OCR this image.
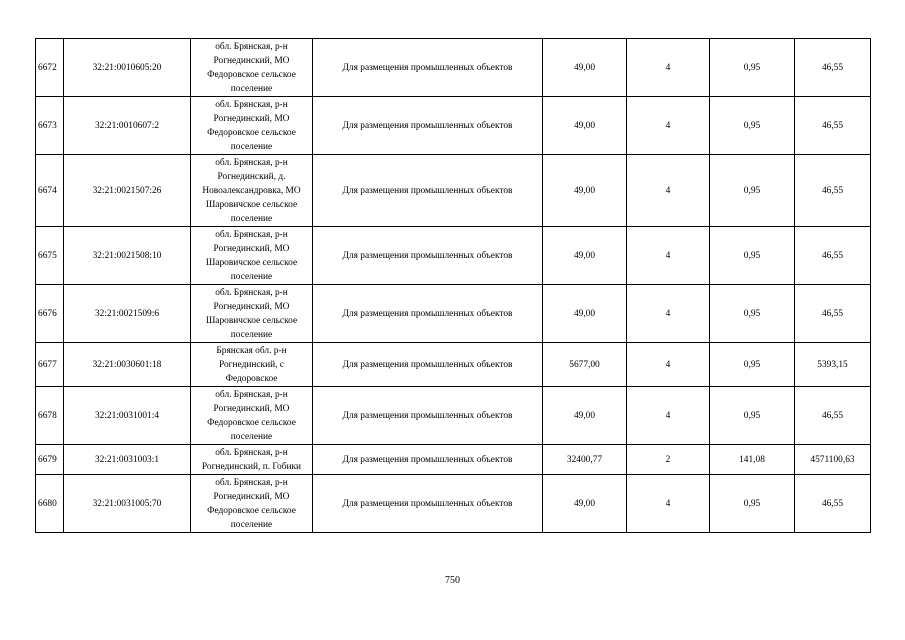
6672	32:21:0010605:20	обл. Брянская, р-н Рогнединский, МО Федоровское сельское поселение	Для размещения промышленных объектов	49,00	4	0,95	46,55
6673	32:21:0010607:2	обл. Брянская, р-н Рогнединский, МО Федоровское сельское поселение	Для размещения промышленных объектов	49,00	4	0,95	46,55
6674	32:21:0021507:26	обл. Брянская, р-н Рогнединский, д. Новоалександровка, МО Шаровичское сельское поселение	Для размещения промышленных объектов	49,00	4	0,95	46,55
6675	32:21:0021508:10	обл. Брянская, р-н Рогнединский, МО Шаровичское сельское поселение	Для размещения промышленных объектов	49,00	4	0,95	46,55
6676	32:21:0021509:6	обл. Брянская, р-н Рогнединский, МО Шаровичское сельское поселение	Для размещения промышленных объектов	49,00	4	0,95	46,55
6677	32:21:0030601:18	Брянская обл. р-н Рогнединский, с Федоровское	Для размещения промышленных объектов	5677,00	4	0,95	5393,15
6678	32:21:0031001:4	обл. Брянская, р-н Рогнединский, МО Федоровское сельское поселение	Для размещения промышленных объектов	49,00	4	0,95	46,55
6679	32:21:0031003:1	обл. Брянская, р-н Рогнединский, п. Гобики	Для размещения промышленных объектов	32400,77	2	141,08	4571100,63
6680	32:21:0031005:70	обл. Брянская, р-н Рогнединский, МО Федоровское сельское поселение	Для размещения промышленных объектов	49,00	4	0,95	46,55
750
